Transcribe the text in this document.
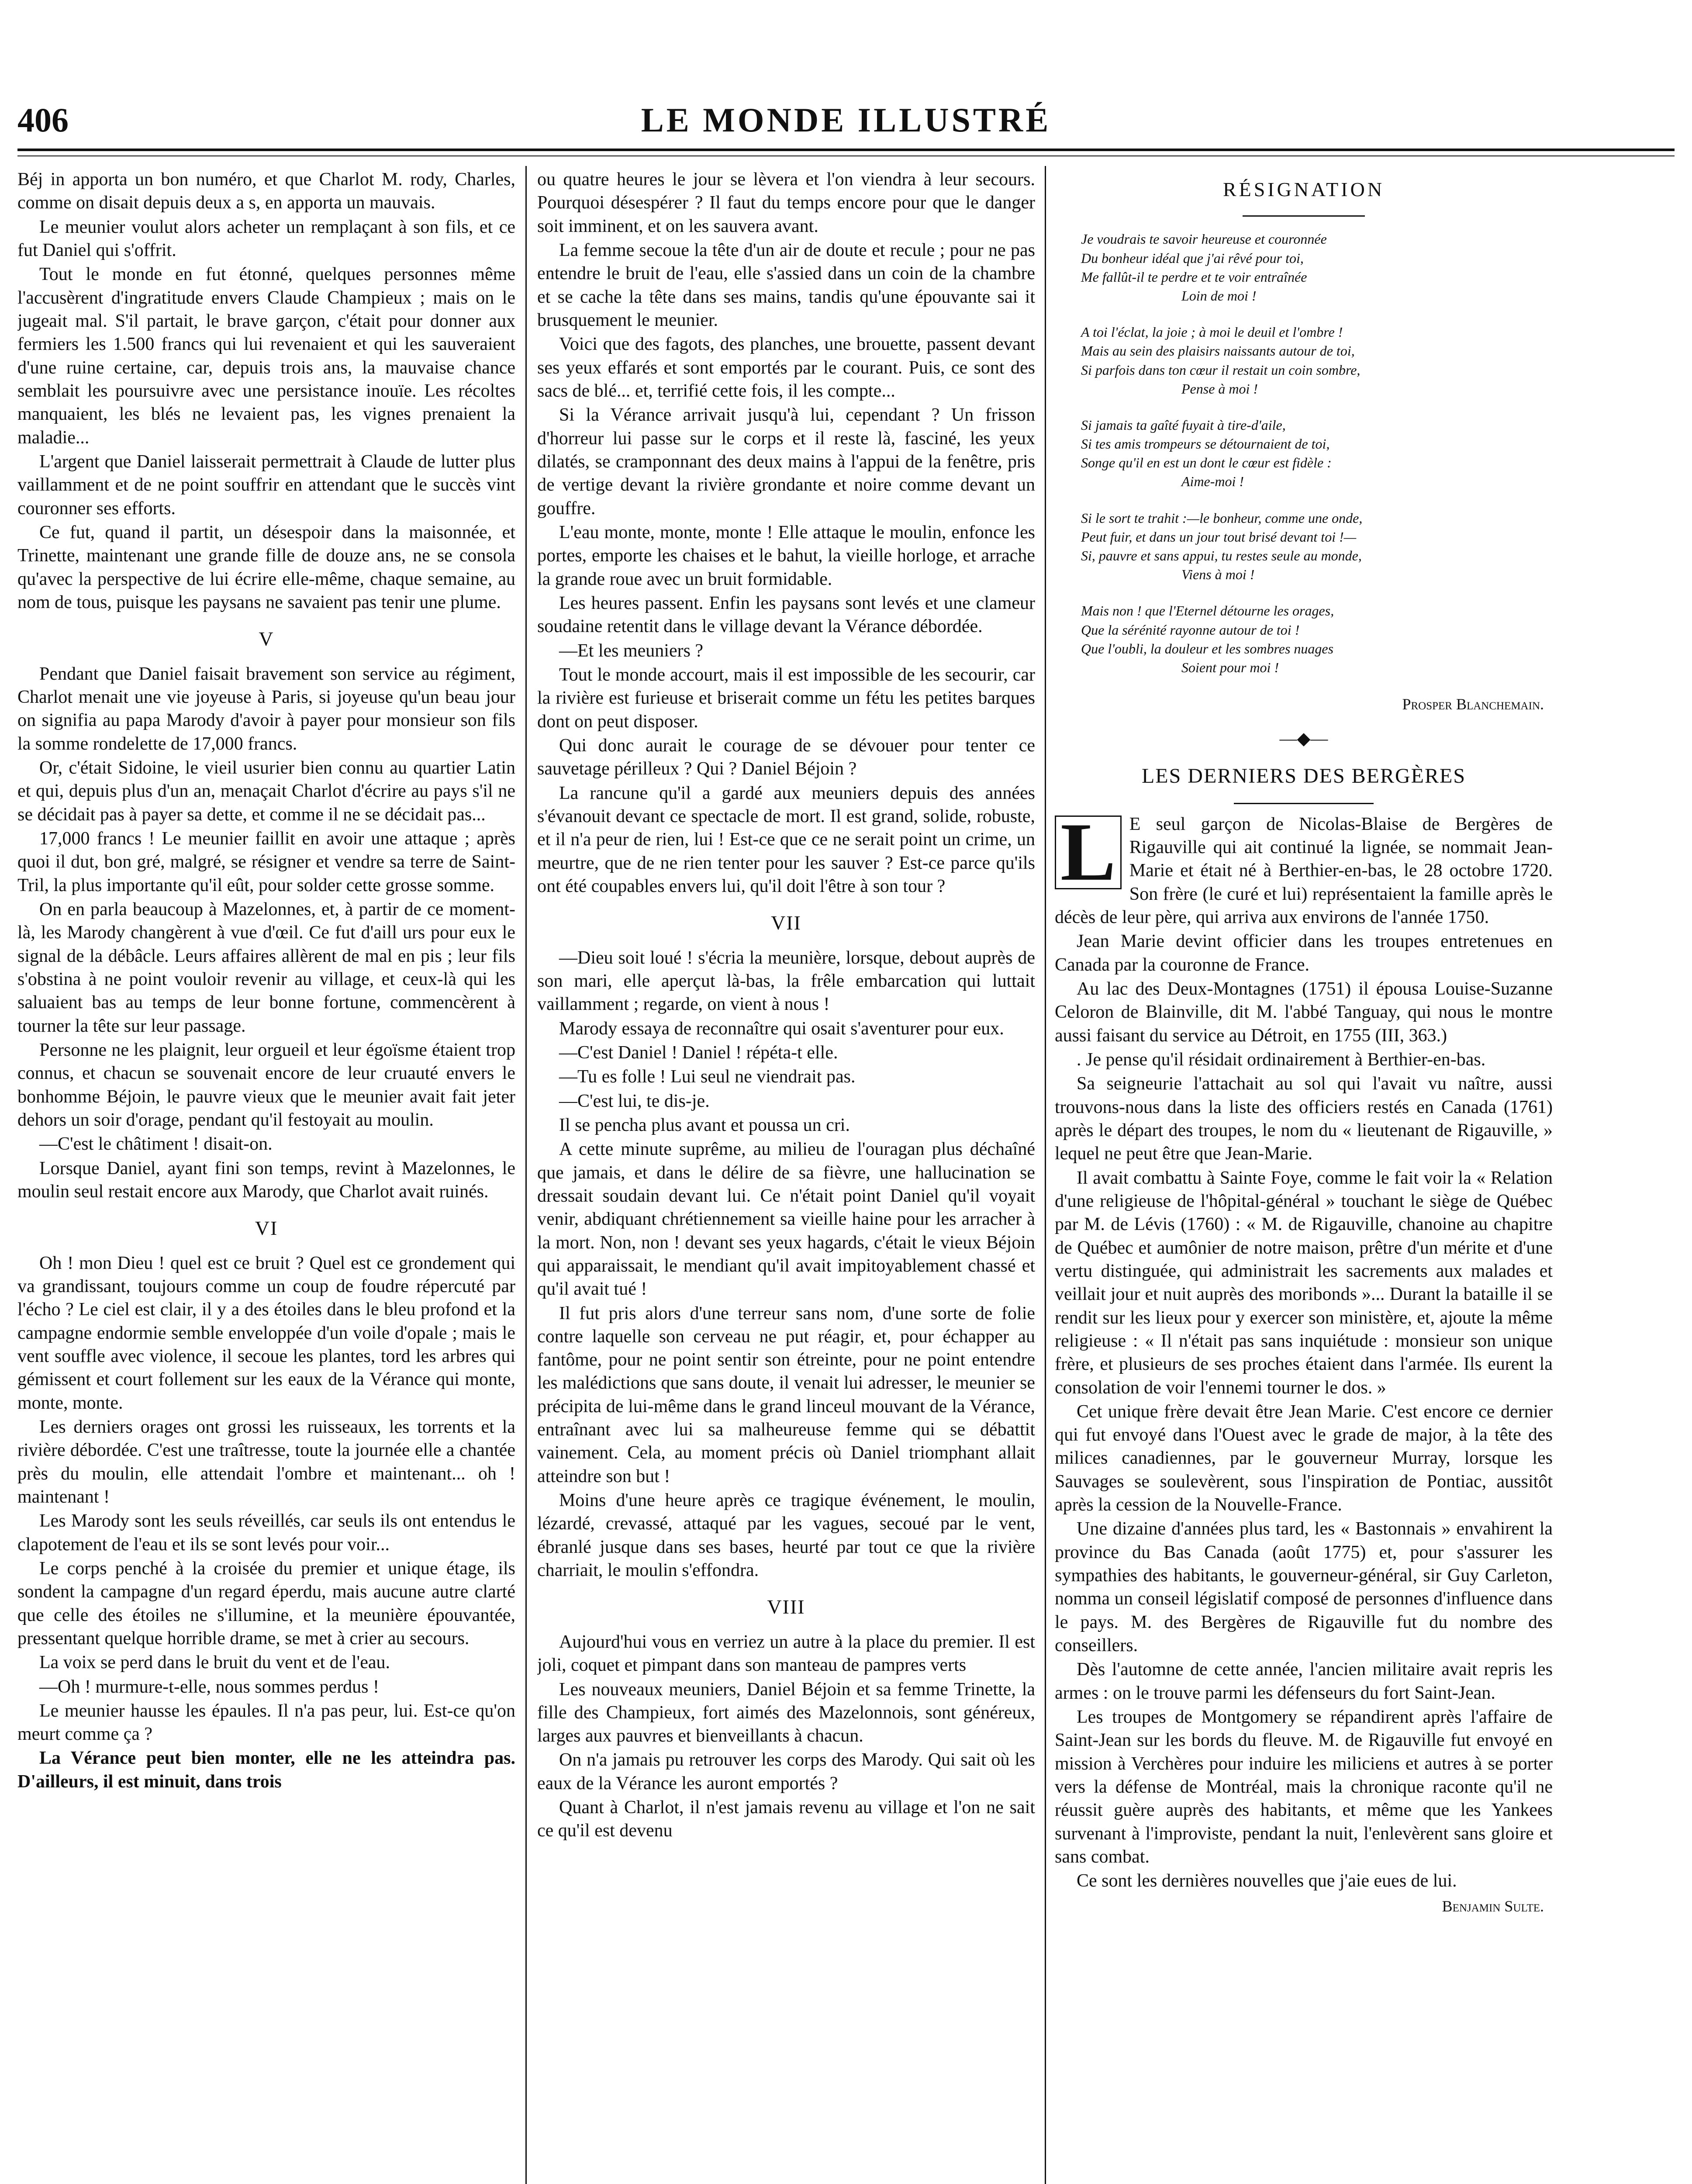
406	LE MONDE ILLUSTRÉ

Béj in apporta un bon numéro, et que Charlot M. rody, Charles, comme on disait depuis deux a s, en apporta un mauvais.

Le meunier voulut alors acheter un remplaçant à son fils, et ce fut Daniel qui s'offrit.

Tout le monde en fut étonné, quelques personnes même l'accusèrent d'ingratitude envers Claude Champieux ; mais on le jugeait mal. S'il partait, le brave garçon, c'était pour donner aux fermiers les 1.500 francs qui lui revenaient et qui les sauveraient d'une ruine certaine, car, depuis trois ans, la mauvaise chance semblait les poursuivre avec une persistance inouïe. Les récoltes manquaient, les blés ne levaient pas, les vignes prenaient la maladie...

L'argent que Daniel laisserait permettrait à Claude de lutter plus vaillamment et de ne point souffrir en attendant que le succès vint couronner ses efforts.

Ce fut, quand il partit, un désespoir dans la maisonnée, et Trinette, maintenant une grande fille de douze ans, ne se consola qu'avec la perspective de lui écrire elle-même, chaque semaine, au nom de tous, puisque les paysans ne savaient pas tenir une plume.

V

Pendant que Daniel faisait bravement son service au régiment, Charlot menait une vie joyeuse à Paris, si joyeuse qu'un beau jour on signifia au papa Marody d'avoir à payer pour monsieur son fils la somme rondelette de 17,000 francs.

Or, c'était Sidoine, le vieil usurier bien connu au quartier Latin et qui, depuis plus d'un an, menaçait Charlot d'écrire au pays s'il ne se décidait pas à payer sa dette, et comme il ne se décidait pas...

17,000 francs ! Le meunier faillit en avoir une attaque ; après quoi il dut, bon gré, malgré, se résigner et vendre sa terre de Saint-Tril, la plus importante qu'il eût, pour solder cette grosse somme.

On en parla beaucoup à Mazelonnes, et, à partir de ce moment-là, les Marody changèrent à vue d'œil. Ce fut d'aill urs pour eux le signal de la débâcle. Leurs affaires allèrent de mal en pis ; leur fils s'obstina à ne point vouloir revenir au village, et ceux-là qui les saluaient bas au temps de leur bonne fortune, commencèrent à tourner la tête sur leur passage.

Personne ne les plaignit, leur orgueil et leur égoïsme étaient trop connus, et chacun se souvenait encore de leur cruauté envers le bonhomme Béjoin, le pauvre vieux que le meunier avait fait jeter dehors un soir d'orage, pendant qu'il festoyait au moulin.

—C'est le châtiment ! disait-on.

Lorsque Daniel, ayant fini son temps, revint à Mazelonnes, le moulin seul restait encore aux Marody, que Charlot avait ruinés.

VI

Oh ! mon Dieu ! quel est ce bruit ? Quel est ce grondement qui va grandissant, toujours comme un coup de foudre répercuté par l'écho ? Le ciel est clair, il y a des étoiles dans le bleu profond et la campagne endormie semble enveloppée d'un voile d'opale ; mais le vent souffle avec violence, il secoue les plantes, tord les arbres qui gémissent et court follement sur les eaux de la Vérance qui monte, monte, monte.

Les derniers orages ont grossi les ruisseaux, les torrents et la rivière débordée. C'est une traîtresse, toute la journée elle a chantée près du moulin, elle attendait l'ombre et maintenant... oh ! maintenant !

Les Marody sont les seuls réveillés, car seuls ils ont entendus le clapotement de l'eau et ils se sont levés pour voir...

Le corps penché à la croisée du premier et unique étage, ils sondent la campagne d'un regard éperdu, mais aucune autre clarté que celle des étoiles ne s'illumine, et la meunière épouvantée, pressentant quelque horrible drame, se met à crier au secours.

La voix se perd dans le bruit du vent et de l'eau.

—Oh ! murmure-t-elle, nous sommes perdus !

Le meunier hausse les épaules. Il n'a pas peur, lui. Est-ce qu'on meurt comme ça ?

La Vérance peut bien monter, elle ne les atteindra pas. D'ailleurs, il est minuit, dans trois

ou quatre heures le jour se lèvera et l'on viendra à leur secours. Pourquoi désespérer ? Il faut du temps encore pour que le danger soit imminent, et on les sauvera avant.

La femme secoue la tête d'un air de doute et recule ; pour ne pas entendre le bruit de l'eau, elle s'assied dans un coin de la chambre et se cache la tête dans ses mains, tandis qu'une épouvante sai it brusquement le meunier.

Voici que des fagots, des planches, une brouette, passent devant ses yeux effarés et sont emportés par le courant. Puis, ce sont des sacs de blé... et, terrifié cette fois, il les compte...

Si la Vérance arrivait jusqu'à lui, cependant ? Un frisson d'horreur lui passe sur le corps et il reste là, fasciné, les yeux dilatés, se cramponnant des deux mains à l'appui de la fenêtre, pris de vertige devant la rivière grondante et noire comme devant un gouffre.

L'eau monte, monte, monte ! Elle attaque le moulin, enfonce les portes, emporte les chaises et le bahut, la vieille horloge, et arrache la grande roue avec un bruit formidable.

Les heures passent. Enfin les paysans sont levés et une clameur soudaine retentit dans le village devant la Vérance débordée.

—Et les meuniers ?

Tout le monde accourt, mais il est impossible de les secourir, car la rivière est furieuse et briserait comme un fétu les petites barques dont on peut disposer.

Qui donc aurait le courage de se dévouer pour tenter ce sauvetage périlleux ? Qui ? Daniel Béjoin ?

La rancune qu'il a gardé aux meuniers depuis des années s'évanouit devant ce spectacle de mort. Il est grand, solide, robuste, et il n'a peur de rien, lui ! Est-ce que ce ne serait point un crime, un meurtre, que de ne rien tenter pour les sauver ? Est-ce parce qu'ils ont été coupables envers lui, qu'il doit l'être à son tour ?

VII

—Dieu soit loué ! s'écria la meunière, lorsque, debout auprès de son mari, elle aperçut là-bas, la frêle embarcation qui luttait vaillamment ; regarde, on vient à nous !

Marody essaya de reconnaître qui osait s'aventurer pour eux.

—C'est Daniel ! Daniel ! répéta-t elle.

—Tu es folle ! Lui seul ne viendrait pas.

—C'est lui, te dis-je.

Il se pencha plus avant et poussa un cri.

A cette minute suprême, au milieu de l'ouragan plus déchaîné que jamais, et dans le délire de sa fièvre, une hallucination se dressait soudain devant lui. Ce n'était point Daniel qu'il voyait venir, abdiquant chrétiennement sa vieille haine pour les arracher à la mort. Non, non ! devant ses yeux hagards, c'était le vieux Béjoin qui apparaissait, le mendiant qu'il avait impitoyablement chassé et qu'il avait tué !

Il fut pris alors d'une terreur sans nom, d'une sorte de folie contre laquelle son cerveau ne put réagir, et, pour échapper au fantôme, pour ne point sentir son étreinte, pour ne point entendre les malédictions que sans doute, il venait lui adresser, le meunier se précipita de lui-même dans le grand linceul mouvant de la Vérance, entraînant avec lui sa malheureuse femme qui se débattit vainement. Cela, au moment précis où Daniel triomphant allait atteindre son but !

Moins d'une heure après ce tragique événement, le moulin, lézardé, crevassé, attaqué par les vagues, secoué par le vent, ébranlé jusque dans ses bases, heurté par tout ce que la rivière charriait, le moulin s'effondra.

VIII

Aujourd'hui vous en verriez un autre à la place du premier. Il est joli, coquet et pimpant dans son manteau de pampres verts

Les nouveaux meuniers, Daniel Béjoin et sa femme Trinette, la fille des Champieux, fort aimés des Mazelonnois, sont généreux, larges aux pauvres et bienveillants à chacun.

On n'a jamais pu retrouver les corps des Marody. Qui sait où les eaux de la Vérance les auront emportés ?

Quant à Charlot, il n'est jamais revenu au village et l'on ne sait ce qu'il est devenu

RÉSIGNATION
Je voudrais te savoir heureuse et couronnée
Du bonheur idéal que j'ai rêvé pour toi,
Me fallût-il te perdre et te voir entraînée
Loin de moi !
A toi l'éclat, la joie ; à moi le deuil et l'ombre !
Mais au sein des plaisirs naissants autour de toi,
Si parfois dans ton cœur il restait un coin sombre,
Pense à moi !
Si jamais ta gaîté fuyait à tire-d'aile,
Si tes amis trompeurs se détournaient de toi,
Songe qu'il en est un dont le cœur est fidèle :
Aime-moi !
Si le sort te trahit :—le bonheur, comme une onde,
Peut fuir, et dans un jour tout brisé devant toi !—
Si, pauvre et sans appui, tu restes seule au monde,
Viens à moi !
Mais non ! que l'Eternel détourne les orages,
Que la sérénité rayonne autour de toi !
Que l'oubli, la douleur et les sombres nuages
Soient pour moi !
Prosper Blanchemain.
—◆—
LES DERNIERS DES BERGÈRES

L E seul garçon de Nicolas-Blaise de Bergères de Rigauville qui ait continué la lignée, se nommait Jean-Marie et était né à Berthier-en-bas, le 28 octobre 1720. Son frère (le curé et lui) représentaient la famille après le décès de leur père, qui arriva aux environs de l'année 1750.

Jean Marie devint officier dans les troupes entretenues en Canada par la couronne de France.

Au lac des Deux-Montagnes (1751) il épousa Louise-Suzanne Celoron de Blainville, dit M. l'abbé Tanguay, qui nous le montre aussi faisant du service au Détroit, en 1755 (III, 363.)

. Je pense qu'il résidait ordinairement à Berthier-en-bas.

Sa seigneurie l'attachait au sol qui l'avait vu naître, aussi trouvons-nous dans la liste des officiers restés en Canada (1761) après le départ des troupes, le nom du « lieutenant de Rigauville, » lequel ne peut être que Jean-Marie.

Il avait combattu à Sainte Foye, comme le fait voir la « Relation d'une religieuse de l'hôpital-général » touchant le siège de Québec par M. de Lévis (1760) : « M. de Rigauville, chanoine au chapitre de Québec et aumônier de notre maison, prêtre d'un mérite et d'une vertu distinguée, qui administrait les sacrements aux malades et veillait jour et nuit auprès des moribonds »... Durant la bataille il se rendit sur les lieux pour y exercer son ministère, et, ajoute la même religieuse : « Il n'était pas sans inquiétude : monsieur son unique frère, et plusieurs de ses proches étaient dans l'armée. Ils eurent la consolation de voir l'ennemi tourner le dos. »

Cet unique frère devait être Jean Marie. C'est encore ce dernier qui fut envoyé dans l'Ouest avec le grade de major, à la tête des milices canadiennes, par le gouverneur Murray, lorsque les Sauvages se soulevèrent, sous l'inspiration de Pontiac, aussitôt après la cession de la Nouvelle-France.

Une dizaine d'années plus tard, les « Bastonnais » envahirent la province du Bas Canada (août 1775) et, pour s'assurer les sympathies des habitants, le gouverneur-général, sir Guy Carleton, nomma un conseil législatif composé de personnes d'influence dans le pays. M. des Bergères de Rigauville fut du nombre des conseillers.

Dès l'automne de cette année, l'ancien militaire avait repris les armes : on le trouve parmi les défenseurs du fort Saint-Jean.

Les troupes de Montgomery se répandirent après l'affaire de Saint-Jean sur les bords du fleuve. M. de Rigauville fut envoyé en mission à Verchères pour induire les miliciens et autres à se porter vers la défense de Montréal, mais la chronique raconte qu'il ne réussit guère auprès des habitants, et même que les Yankees survenant à l'improviste, pendant la nuit, l'enlevèrent sans gloire et sans combat.

Ce sont les dernières nouvelles que j'aie eues de lui.

Benjamin Sulte.
